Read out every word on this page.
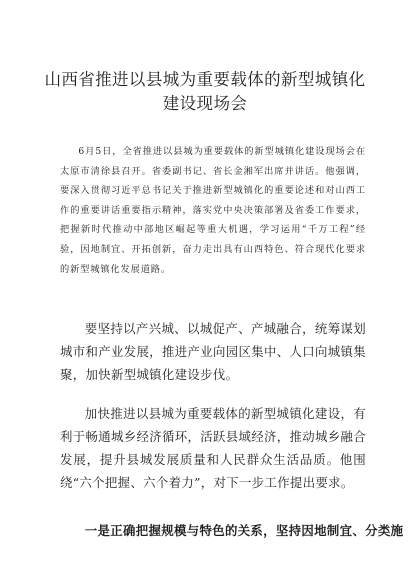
山西省推进以县城为重要载体的新型城镇化建设现场会

6月5日，全省推进以县城为重要载体的新型城镇化建设现场会在太原市清徐县召开。省委副书记、省长金湘军出席并讲话。他强调，要深入贯彻习近平总书记关于推进新型城镇化的重要论述和对山西工作的重要讲话重要指示精神，落实党中央决策部署及省委工作要求，把握新时代推动中部地区崛起等重大机遇，学习运用“千万工程”经验，因地制宜、开拓创新，奋力走出具有山西特色、符合现代化要求的新型城镇化发展道路。

要坚持以产兴城、以城促产、产城融合，统筹谋划城市和产业发展，推进产业向园区集中、人口向城镇集聚，加快新型城镇化建设步伐。

加快推进以县城为重要载体的新型城镇化建设，有利于畅通城乡经济循环，活跃县域经济，推动城乡融合发展，提升县城发展质量和人民群众生活品质。他围绕“六个把握、六个着力”，对下一步工作提出要求。

一是正确把握规模与特色的关系，坚持因地制宜、分类施
